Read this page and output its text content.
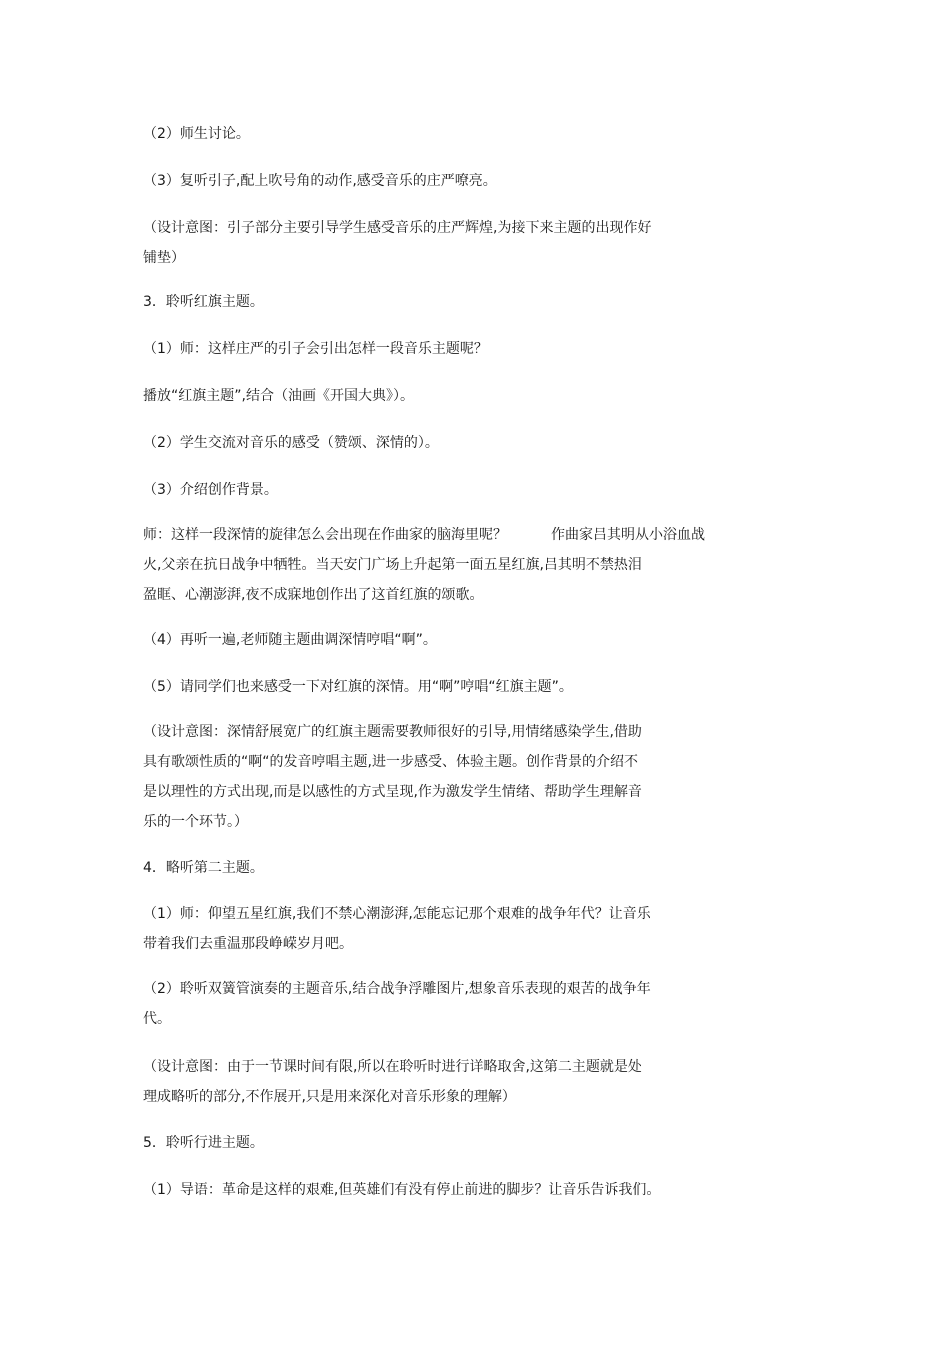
（2）师生讨论。

（3）复听引子,配上吹号角的动作,感受音乐的庄严嘹亮。

（设计意图：引子部分主要引导学生感受音乐的庄严辉煌,为接下来主题的出现作好
铺垫）

3．聆听红旗主题。

（1）师：这样庄严的引子会引出怎样一段音乐主题呢？

播放“红旗主题”,结合（油画《开国大典》）。

（2）学生交流对音乐的感受（赞颂、深情的）。

（3）介绍创作背景。

师：这样一段深情的旋律怎么会出现在作曲家的脑海里呢？	作曲家吕其明从小浴血战
火,父亲在抗日战争中牺牲。当天安门广场上升起第一面五星红旗,吕其明不禁热泪
盈眶、心潮澎湃,夜不成寐地创作出了这首红旗的颂歌。

（4）再听一遍,老师随主题曲调深情哼唱“啊”。

（5）请同学们也来感受一下对红旗的深情。用“啊”哼唱“红旗主题”。

（设计意图：深情舒展宽广的红旗主题需要教师很好的引导,用情绪感染学生,借助
具有歌颂性质的“啊“的发音哼唱主题,进一步感受、体验主题。创作背景的介绍不
是以理性的方式出现,而是以感性的方式呈现,作为激发学生情绪、帮助学生理解音
乐的一个环节。）

4．略听第二主题。

（1）师：仰望五星红旗,我们不禁心潮澎湃,怎能忘记那个艰难的战争年代？让音乐
带着我们去重温那段峥嵘岁月吧。

（2）聆听双簧管演奏的主题音乐,结合战争浮雕图片,想象音乐表现的艰苦的战争年
代。

（设计意图：由于一节课时间有限,所以在聆听时进行详略取舍,这第二主题就是处
理成略听的部分,不作展开,只是用来深化对音乐形象的理解）

5．聆听行进主题。

（1）导语：革命是这样的艰难,但英雄们有没有停止前进的脚步？让音乐告诉我们。
